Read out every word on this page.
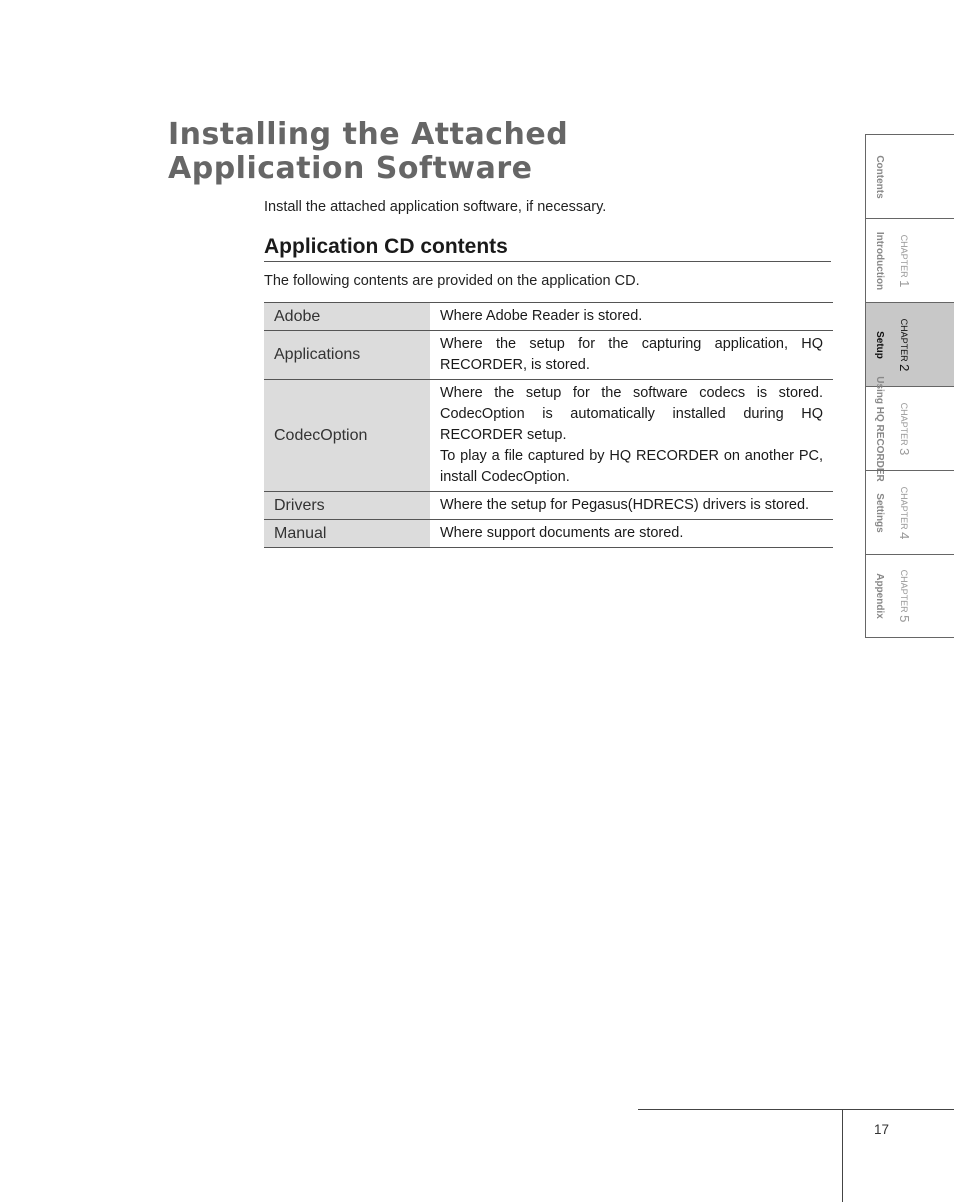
Installing the Attached
Application Software
Install the attached application software, if necessary.
Application CD contents
The following contents are provided on the application CD.
Adobe	Where Adobe Reader is stored.

Applications	Where the setup for the capturing application, HQ RECORDER, is stored.

CodecOption	Where the setup for the software codecs is stored. CodecOption is automatically installed during HQ RECORDER setup.
To play a file captured by HQ RECORDER on another PC, install CodecOption.

Drivers	Where the setup for Pegasus(HDRECS) drivers is stored.

Manual	Where support documents are stored.
Contents
Introduction CHAPTER 1
Setup CHAPTER 2
Using HQ RECORDER CHAPTER 3
Settings CHAPTER 4
Appendix CHAPTER 5
17
